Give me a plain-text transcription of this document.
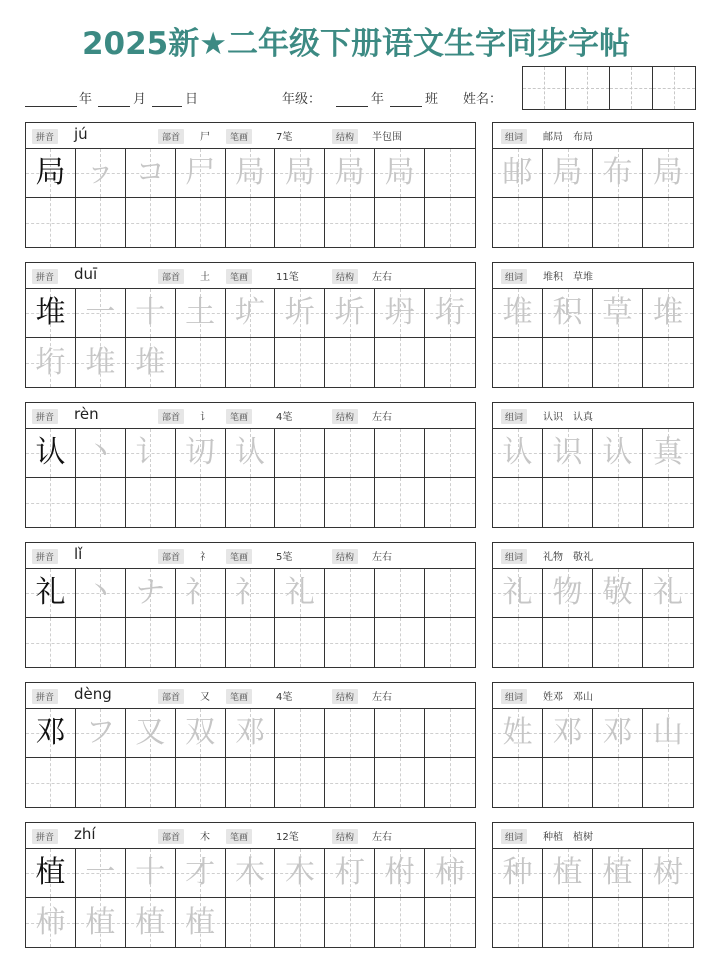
2025新★二年级下册语文生字同步字帖
年	月	日	年级：	年	班 姓名：
拼音 jú	部首	尸	笔画	7笔	结构	半包围	组词	邮局　布局
局 ㇷ コ 尸 局 局 局 局	邮 局 布 局
拼音 duī	部首	土	笔画	11笔	结构	左右	组词	堆积　草堆
堆 一 十 土 圹 圻 圻 坍 垳
垳 堆 堆
堆 积 草 堆
拼音 rèn	部首	讠	笔画	4笔	结构	左右	组词	认识　认真
认 丶 讠 讱 认	认 识 认 真
拼音 lǐ	部首	礻	笔画	5笔	结构	左右	组词	礼物　敬礼
礼 丶 ナ 礻 礻 礼	礼 物 敬 礼
拼音 dèng	部首	又	笔画	4笔	结构	左右	组词	姓邓　邓山
邓 フ 又 双 邓	姓 邓 邓 山
拼音 zhí	部首	木	笔画	12笔	结构	左右	组词	种植　植树
植 一 十 才 木 木 朾 柎 柿
柿 植 植 植
种 植 植 树
